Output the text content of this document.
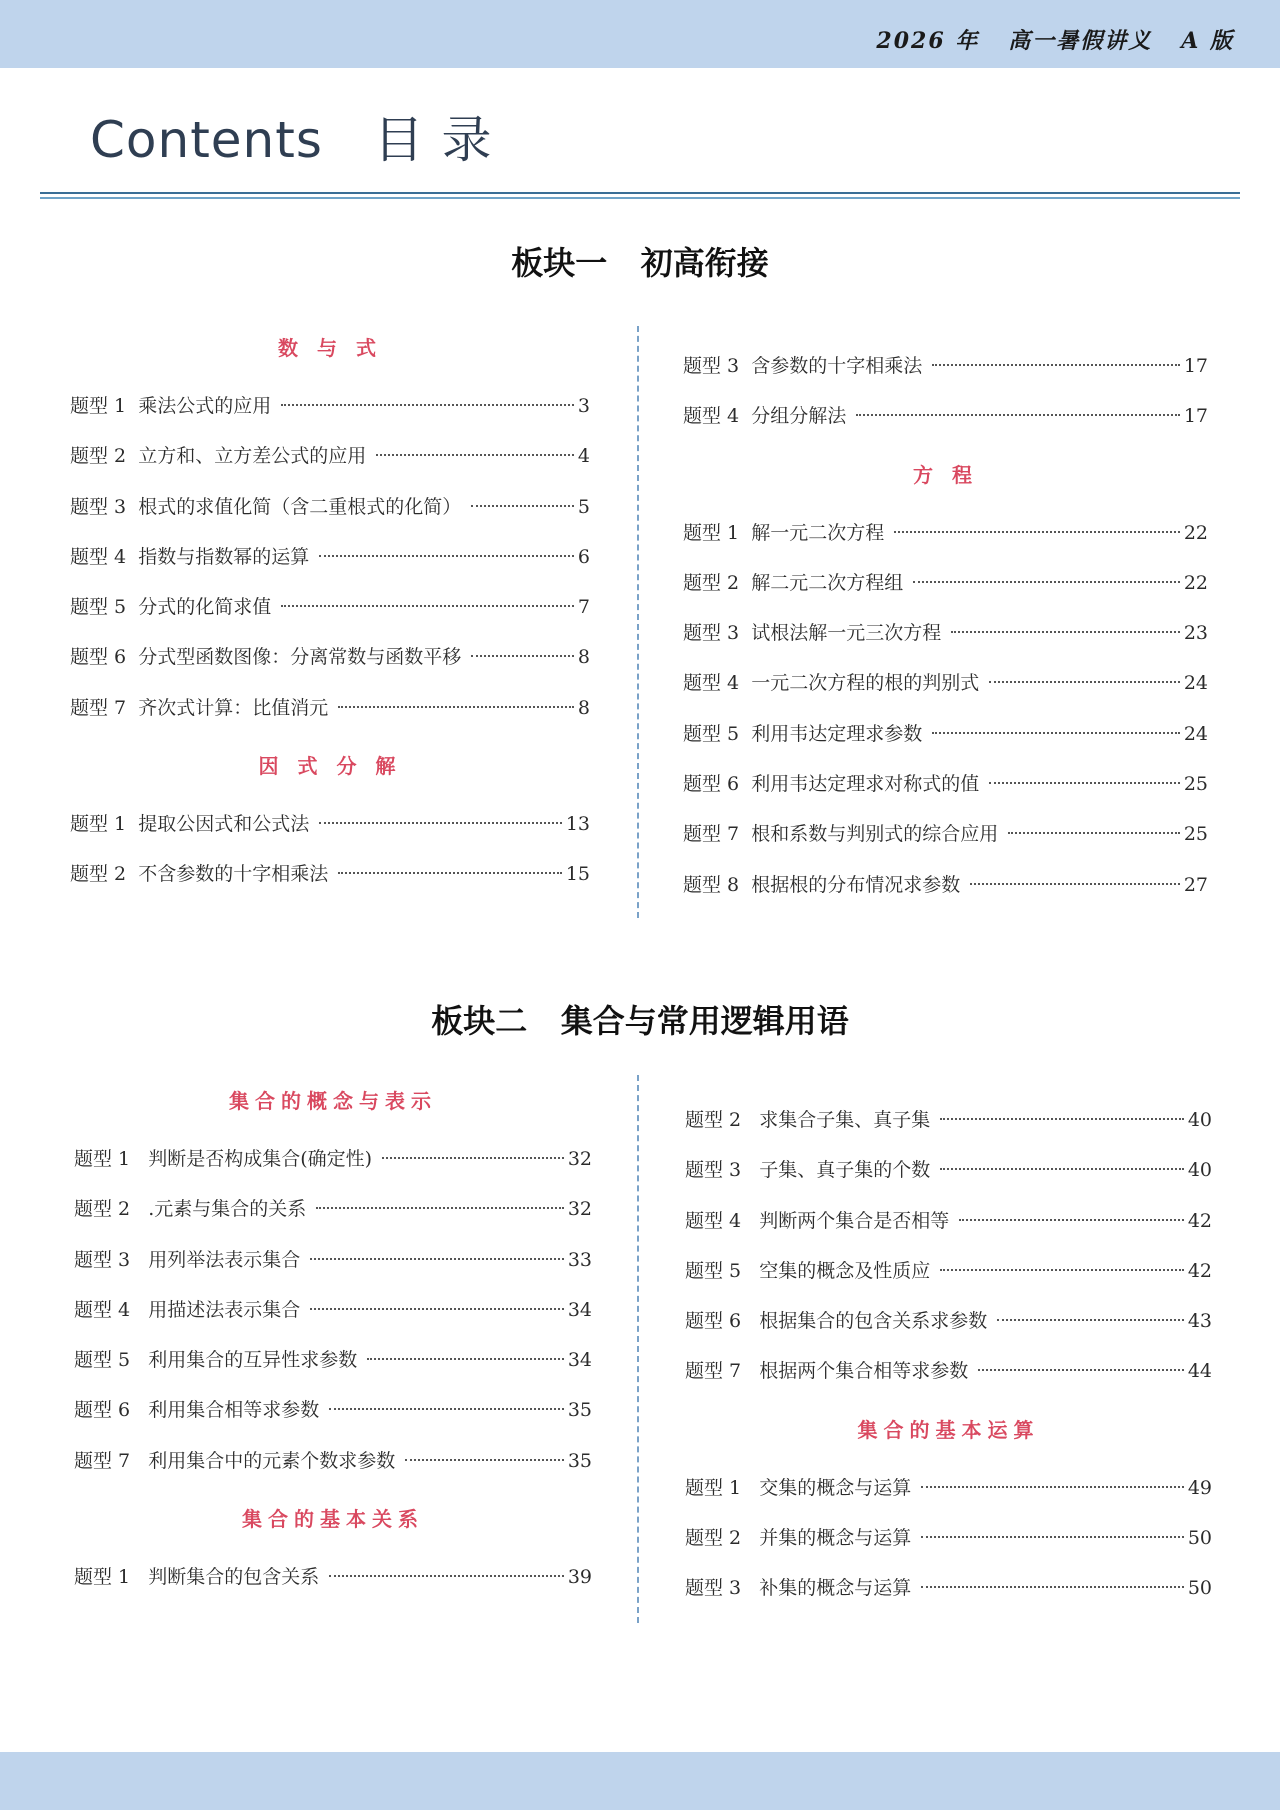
2026 年   高一暑假讲义   A 版
Contents   目 录
板块一   初高衔接
数 与 式
题型 1  乘法公式的应用	3
题型 2  立方和、立方差公式的应用	4
题型 3  根式的求值化简（含二重根式的化简）	5
题型 4  指数与指数幂的运算	6
题型 5  分式的化简求值	7
题型 6  分式型函数图像：分离常数与函数平移	8
题型 7  齐次式计算：比值消元	8
因 式 分 解
题型 1  提取公因式和公式法	13
题型 2  不含参数的十字相乘法	15
题型 3  含参数的十字相乘法	17
题型 4  分组分解法	17
方 程
题型 1  解一元二次方程	22
题型 2  解二元二次方程组	22
题型 3  试根法解一元三次方程	23
题型 4  一元二次方程的根的判别式	24
题型 5  利用韦达定理求参数	24
题型 6  利用韦达定理求对称式的值	25
题型 7  根和系数与判别式的综合应用	25
题型 8  根据根的分布情况求参数	27
板块二   集合与常用逻辑用语
集合的概念与表示
题型 1   判断是否构成集合(确定性)	32
题型 2   .元素与集合的关系	32
题型 3   用列举法表示集合	33
题型 4   用描述法表示集合	34
题型 5   利用集合的互异性求参数	34
题型 6   利用集合相等求参数	35
题型 7   利用集合中的元素个数求参数	35
集合的基本关系
题型 1   判断集合的包含关系	39
题型 2   求集合子集、真子集	40
题型 3   子集、真子集的个数	40
题型 4   判断两个集合是否相等	42
题型 5   空集的概念及性质应	42
题型 6   根据集合的包含关系求参数	43
题型 7   根据两个集合相等求参数	44
集合的基本运算
题型 1   交集的概念与运算	49
题型 2   并集的概念与运算	50
题型 3   补集的概念与运算	50
